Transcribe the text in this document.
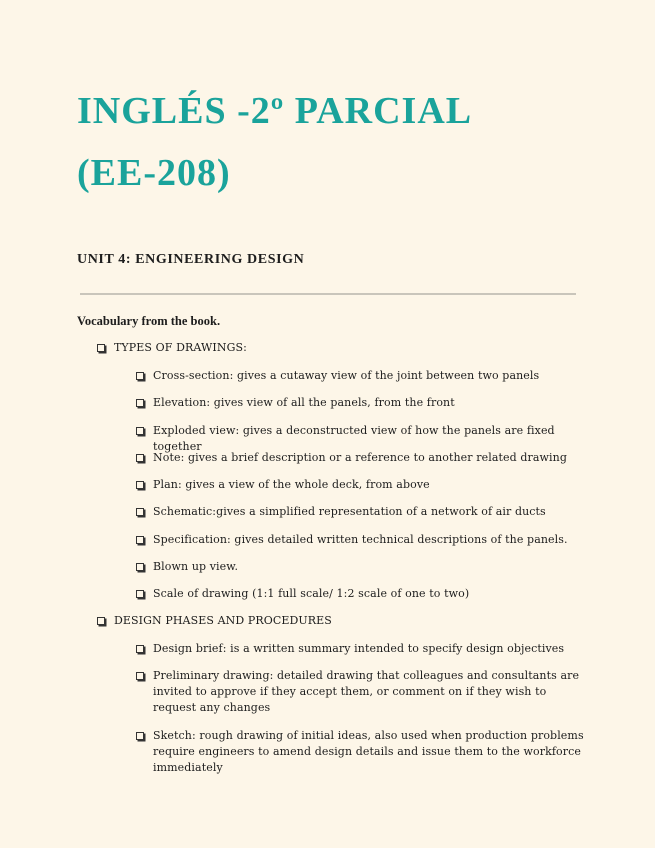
INGLÉS -2º PARCIAL
(EE-208)
UNIT 4: ENGINEERING DESIGN

Vocabulary from the book.

TYPES OF DRAWINGS:
Cross-section: gives a cutaway view of the joint between two panels
Elevation: gives view of all the panels, from the front
Exploded view: gives a deconstructed view of how the panels are fixed together
Note: gives a brief description or a reference to another related drawing
Plan: gives a view of the whole deck, from above
Schematic:gives a simplified representation of a network of air ducts
Specification: gives detailed written technical descriptions of the panels.
Blown up view.
Scale of drawing (1:1 full scale/ 1:2 scale of one to two)
DESIGN PHASES AND PROCEDURES
Design brief: is a written summary intended to specify design objectives
Preliminary drawing: detailed drawing that colleagues and consultants are invited to approve if they accept them, or comment on if they wish to request any changes
Sketch: rough drawing of initial ideas, also used when production problems require engineers to amend design details and issue them to the workforce immediately
